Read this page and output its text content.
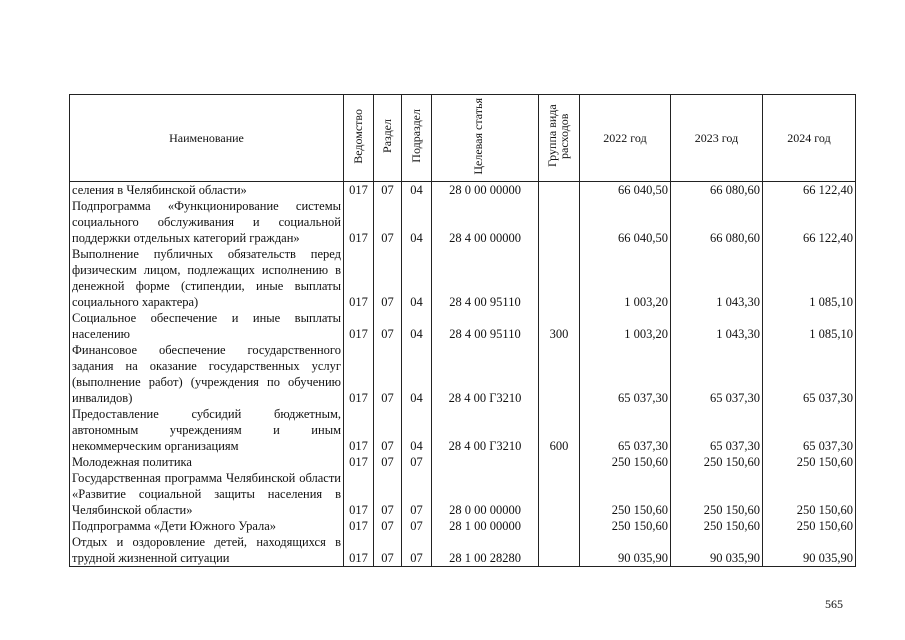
Наименование	Ведомство	Раздел	Подраздел	Целевая статья	Группа вида расходов	2022 год	2023 год	2024 год
селения в Челябинской области»	017	07	04	28 0 00 00000		66 040,50	66 080,60	66 122,40
Подпрограмма «Функционирование системы социального обслуживания и социальной поддержки отдельных категорий граждан»	017	07	04	28 4 00 00000		66 040,50	66 080,60	66 122,40
Выполнение публичных обязательств перед физическим лицом, подлежащих исполнению в денежной форме (стипендии, иные выплаты социального характера)	017	07	04	28 4 00 95110		1 003,20	1 043,30	1 085,10
Социальное обеспечение и иные выплаты населению	017	07	04	28 4 00 95110	300	1 003,20	1 043,30	1 085,10
Финансовое обеспечение государственного задания на оказание государственных услуг (выполнение работ) (учреждения по обучению инвалидов)	017	07	04	28 4 00 Г3210		65 037,30	65 037,30	65 037,30
Предоставление субсидий бюджетным, автономным учреждениям и иным некоммерческим организациям	017	07	04	28 4 00 Г3210	600	65 037,30	65 037,30	65 037,30
Молодежная политика	017	07	07			250 150,60	250 150,60	250 150,60
Государственная программа Челябинской области «Развитие социальной защиты населения в Челябинской области»	017	07	07	28 0 00 00000		250 150,60	250 150,60	250 150,60
Подпрограмма «Дети Южного Урала»	017	07	07	28 1 00 00000		250 150,60	250 150,60	250 150,60
Отдых и оздоровление детей, находящихся в трудной жизненной ситуации	017	07	07	28 1 00 28280		90 035,90	90 035,90	90 035,90
565
